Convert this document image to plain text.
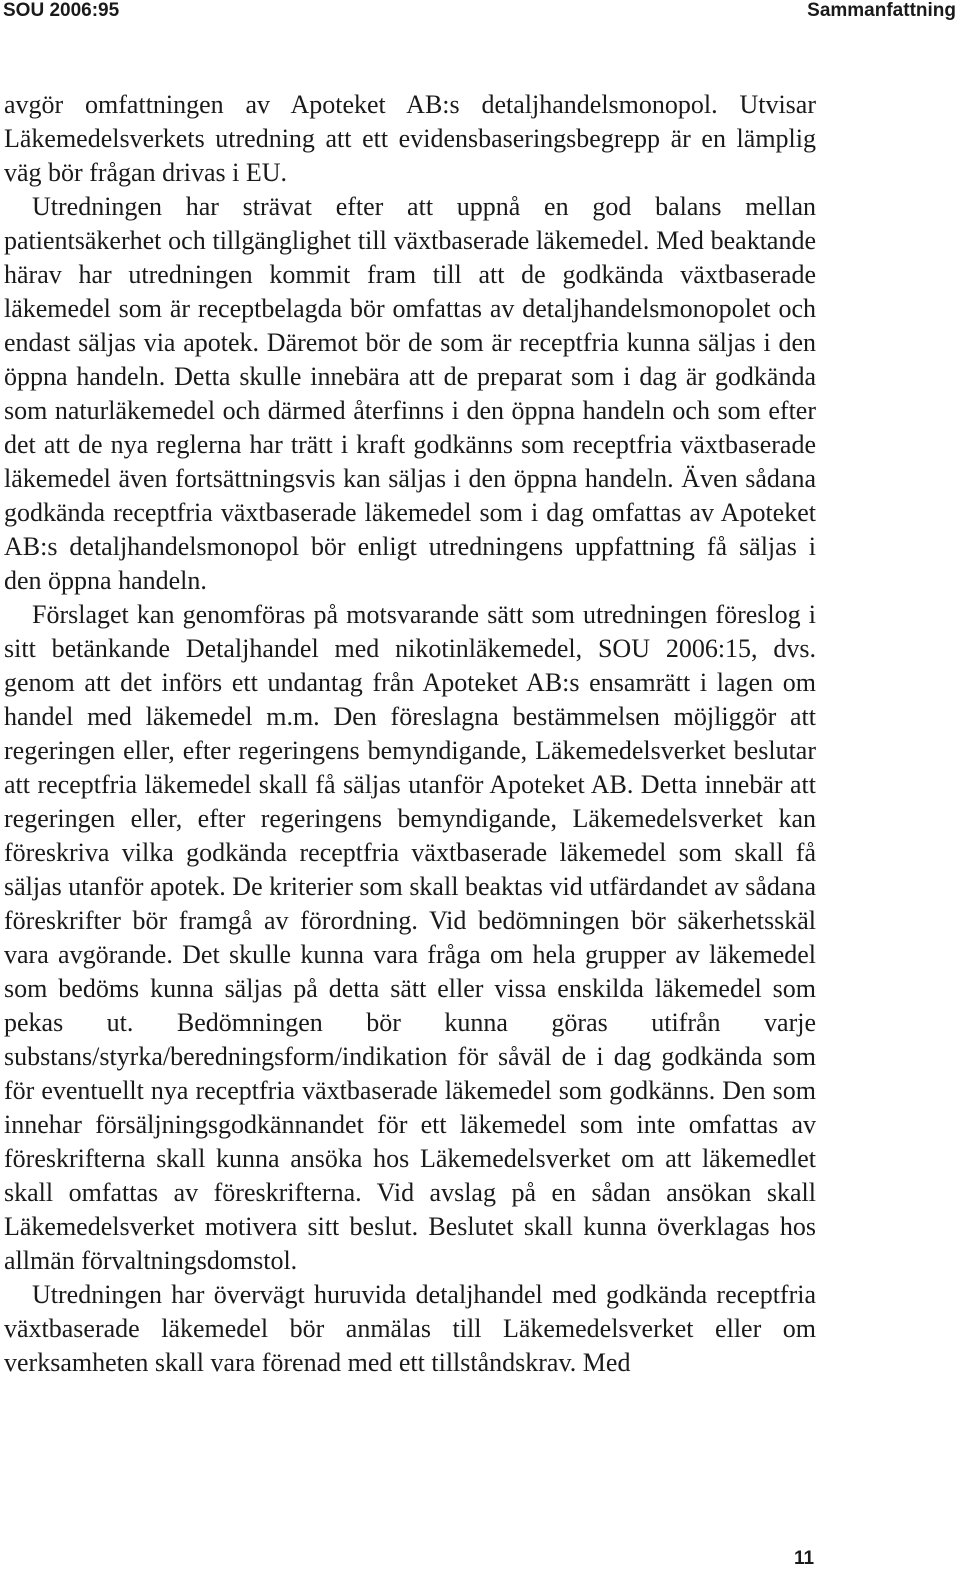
SOU 2006:95	Sammanfattning

avgör omfattningen av Apoteket AB:s detaljhandelsmonopol. Utvisar Läkemedelsverkets utredning att ett evidensbaseringsbegrepp är en lämplig väg bör frågan drivas i EU.

Utredningen har strävat efter att uppnå en god balans mellan patientsäkerhet och tillgänglighet till växtbaserade läkemedel. Med beaktande härav har utredningen kommit fram till att de godkända växtbaserade läkemedel som är receptbelagda bör omfattas av detaljhandelsmonopolet och endast säljas via apotek. Däremot bör de som är receptfria kunna säljas i den öppna handeln. Detta skulle innebära att de preparat som i dag är godkända som naturläkemedel och därmed återfinns i den öppna handeln och som efter det att de nya reglerna har trätt i kraft godkänns som receptfria växtbaserade läkemedel även fortsättningsvis kan säljas i den öppna handeln. Även sådana godkända receptfria växtbaserade läkemedel som i dag omfattas av Apoteket AB:s detaljhandelsmonopol bör enligt utredningens uppfattning få säljas i den öppna handeln.

Förslaget kan genomföras på motsvarande sätt som utredningen föreslog i sitt betänkande Detaljhandel med nikotinläkemedel, SOU 2006:15, dvs. genom att det införs ett undantag från Apoteket AB:s ensamrätt i lagen om handel med läkemedel m.m. Den föreslagna bestämmelsen möjliggör att regeringen eller, efter regeringens bemyndigande, Läkemedelsverket beslutar att receptfria läkemedel skall få säljas utanför Apoteket AB. Detta innebär att regeringen eller, efter regeringens bemyndigande, Läkemedelsverket kan föreskriva vilka godkända receptfria växtbaserade läkemedel som skall få säljas utanför apotek. De kriterier som skall beaktas vid utfärdandet av sådana föreskrifter bör framgå av förordning. Vid bedömningen bör säkerhetsskäl vara avgörande. Det skulle kunna vara fråga om hela grupper av läkemedel som bedöms kunna säljas på detta sätt eller vissa enskilda läkemedel som pekas ut. Bedömningen bör kunna göras utifrån varje substans/styrka/beredningsform/indikation för såväl de i dag godkända som för eventuellt nya receptfria växtbaserade läkemedel som godkänns. Den som innehar försäljningsgodkännandet för ett läkemedel som inte omfattas av föreskrifterna skall kunna ansöka hos Läkemedelsverket om att läkemedlet skall omfattas av föreskrifterna. Vid avslag på en sådan ansökan skall Läkemedelsverket motivera sitt beslut. Beslutet skall kunna överklagas hos allmän förvaltningsdomstol.

Utredningen har övervägt huruvida detaljhandel med godkända receptfria växtbaserade läkemedel bör anmälas till Läkemedelsverket eller om verksamheten skall vara förenad med ett tillståndskrav. Med

11
